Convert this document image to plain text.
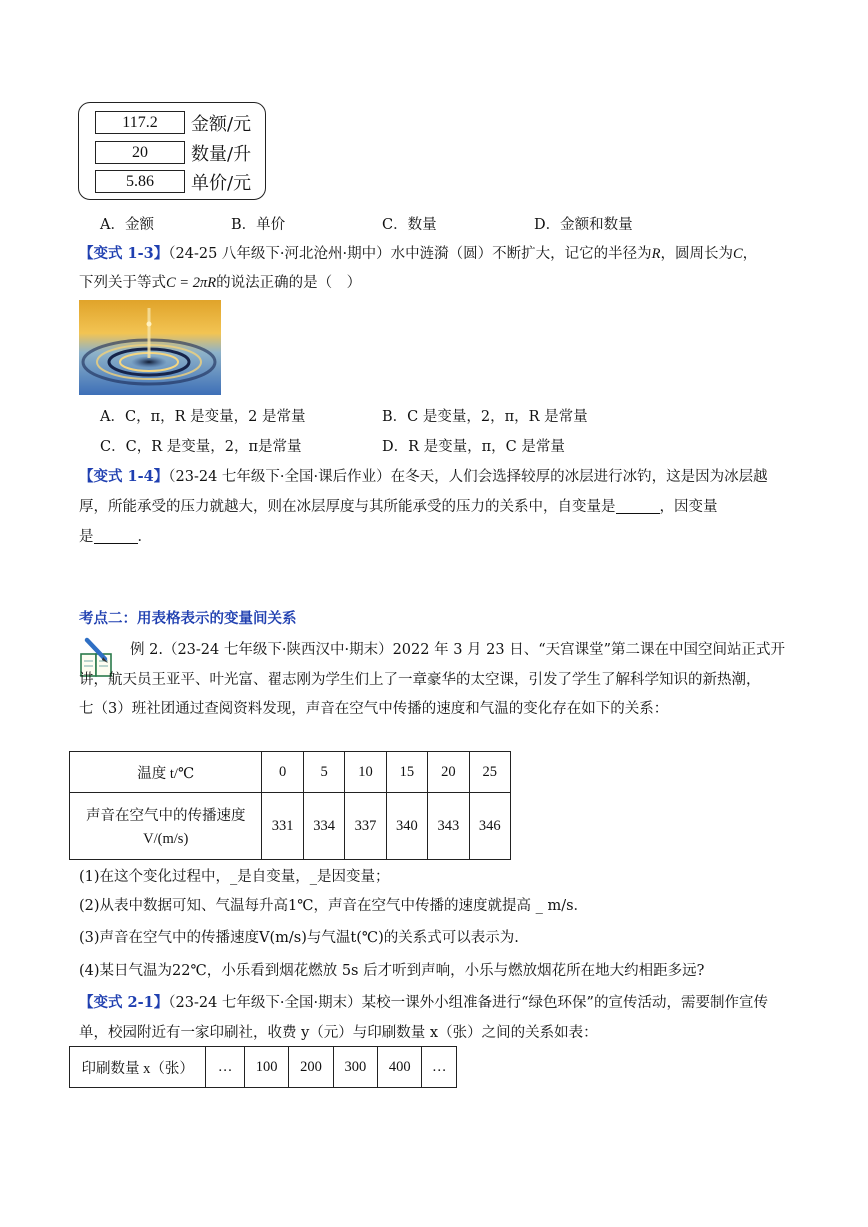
117.2	金额/元
20	数量/升
5.86	单价/元
A．金额	B．单价	C．数量	D．金额和数量
【变式 1-3】（24-25 八年级下·河北沧州·期中）水中涟漪（圆）不断扩大，记它的半径为R，圆周长为C，
下列关于等式C = 2πR的说法正确的是（　）
A．C，π，R 是变量，2 是常量	B．C 是变量，2，π，R 是常量
C．C，R 是变量，2，π是常量	D．R 是变量，π，C 是常量
【变式 1-4】（23-24 七年级下·全国·课后作业）在冬天，人们会选择较厚的冰层进行冰钓，这是因为冰层越
厚，所能承受的压力就越大，则在冰层厚度与其所能承受的压力的关系中，自变量是	，因变量
是	．
考点二：用表格表示的变量间关系
例 2.（23-24 七年级下·陕西汉中·期末）2022 年 3 月 23 日、“天宫课堂”第二课在中国空间站正式开
讲，航天员王亚平、叶光富、翟志刚为学生们上了一章豪华的太空课，引发了学生了解科学知识的新热潮，
七（3）班社团通过查阅资料发现，声音在空气中传播的速度和气温的变化存在如下的关系：
温度 t/℃	0	5	10	15	20	25

声音在空气中的传播速度
V/(m/s)	331	334	337	340	343	346
(1)在这个变化过程中，_是自变量，_是因变量；
(2)从表中数据可知、气温每升高1℃，声音在空气中传播的速度就提高 _ m/s．
(3)声音在空气中的传播速度V(m/s)与气温t(℃)的关系式可以表示为.
(4)某日气温为22℃，小乐看到烟花燃放 5s 后才听到声响，小乐与燃放烟花所在地大约相距多远?
【变式 2-1】（23-24 七年级下·全国·期末）某校一课外小组准备进行“绿色环保”的宣传活动，需要制作宣传
单，校园附近有一家印刷社，收费 y（元）与印刷数量 x（张）之间的关系如表：
印刷数量 x（张）	…	100	200	300	400	…
